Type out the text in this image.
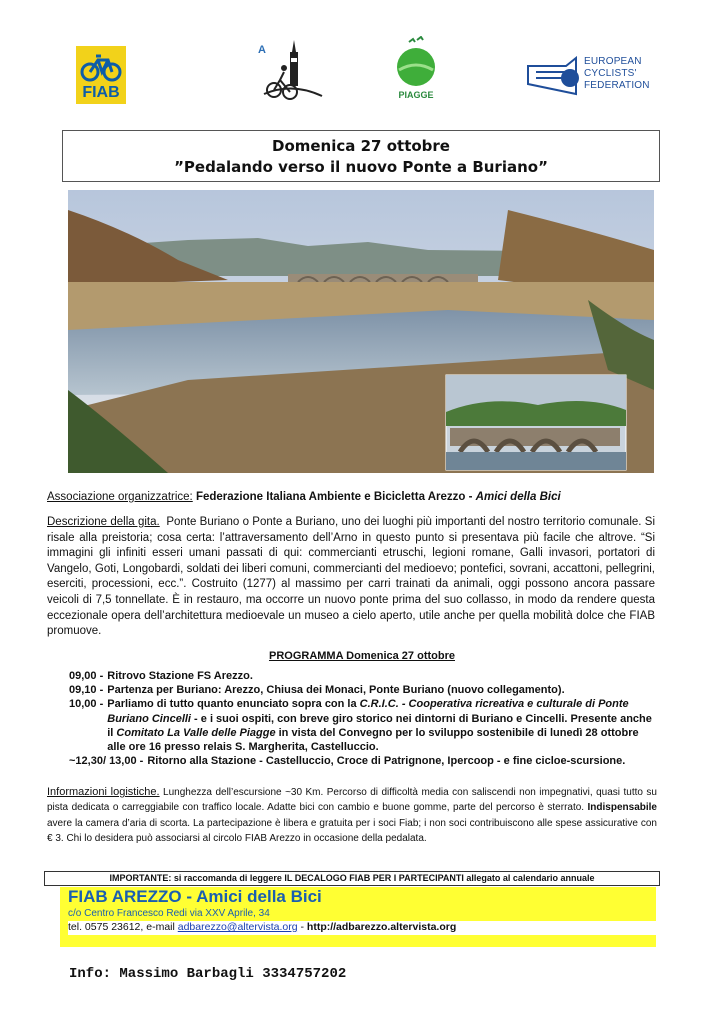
FIAB
A
PIAGGE
EUROPEAN
CYCLISTS'
FEDERATION
Domenica 27 ottobre
”Pedalando verso il nuovo Ponte a Buriano”
Associazione organizzatrice: Federazione Italiana Ambiente e Bicicletta Arezzo - Amici della Bici
Descrizione della gita. Ponte Buriano o Ponte a Buriano, uno dei luoghi più importanti del nostro territorio comunale. Si risale alla preistoria; cosa certa: l’attraversamento dell’Arno in questo punto si presentava più facile che altrove. “Si immagini gli infiniti esseri umani passati di qui: commercianti etruschi, legioni romane, Galli invasori, portatori di Vangelo, Goti, Longobardi, soldati dei liberi comuni, commercianti del medioevo; pontefici, sovrani, accattoni, pellegrini, eserciti, processioni, ecc.”. Costruito (1277) al massimo per carri trainati da animali, oggi possono ancora passare veicoli di 7,5 tonnellate. È in restauro, ma occorre un nuovo ponte prima del suo collasso, in modo da rendere questa eccezionale opera dell’architettura medioevale un museo a cielo aperto, utile anche per quella mobilità dolce che FIAB promuove.
PROGRAMMA Domenica 27 ottobre
09,00 - Ritrovo Stazione FS Arezzo.
09,10 - Partenza per Buriano: Arezzo, Chiusa dei Monaci, Ponte Buriano (nuovo collegamento).
10,00 - Parliamo di tutto quanto enunciato sopra con la C.R.I.C. - Cooperativa ricreativa e culturale di Ponte Buriano Cincelli - e i suoi ospiti, con breve giro storico nei dintorni di Buriano e Cincelli. Presente anche il Comitato La Valle delle Piagge in vista del Convegno per lo sviluppo sostenibile di lunedì 28 ottobre alle ore 16 presso relais S. Margherita, Castelluccio.
~12,30/ 13,00 - Ritorno alla Stazione - Castelluccio, Croce di Patrignone, Ipercoop - e fine cicloe-scursione.
Informazioni logistiche. Lunghezza dell’escursione ~30 Km. Percorso di difficoltà media con saliscendi non impegnativi, quasi tutto su pista dedicata o carreggiabile con traffico locale. Adatte bici con cambio e buone gomme, parte del percorso è sterrato. Indispensabile avere la camera d’aria di scorta. La partecipazione è libera e gratuita per i soci Fiab; i non soci contribuiscono alle spese assicurative con € 3. Chi lo desidera può associarsi al circolo FIAB Arezzo in occasione della pedalata.
IMPORTANTE: si raccomanda di leggere IL DECALOGO FIAB PER I PARTECIPANTI allegato al calendario annuale
FIAB AREZZO - Amici della Bici
c/o Centro Francesco Redi via XXV Aprile, 34
tel. 0575 23612, e-mail adbarezzo@altervista.org - http://adbarezzo.altervista.org
Info: Massimo Barbagli 3334757202
